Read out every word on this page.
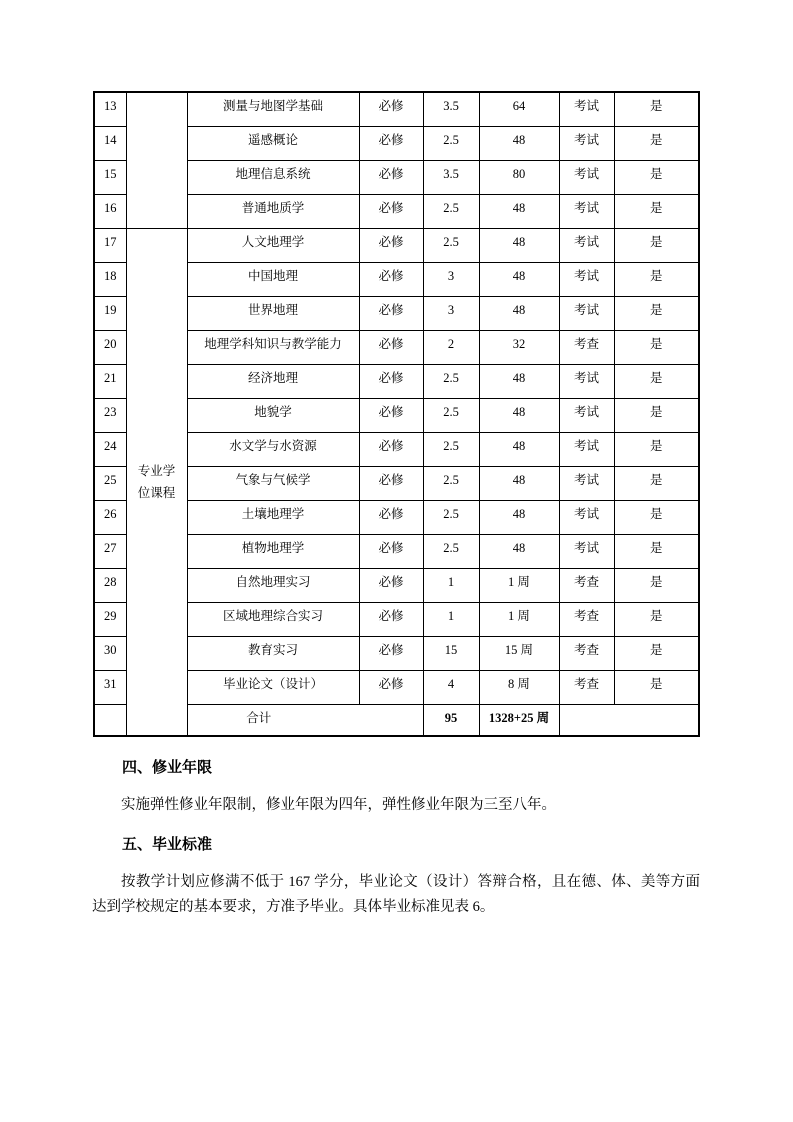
13		测量与地图学基础	必修	3.5	64	考试	是
14		遥感概论	必修	2.5	48	考试	是
15		地理信息系统	必修	3.5	80	考试	是
16		普通地质学	必修	2.5	48	考试	是
17	专业学位课程	人文地理学	必修	2.5	48	考试	是
18		中国地理	必修	3	48	考试	是
19		世界地理	必修	3	48	考试	是
20		地理学科知识与教学能力	必修	2	32	考查	是
21		经济地理	必修	2.5	48	考试	是
23		地貌学	必修	2.5	48	考试	是
24		水文学与水资源	必修	2.5	48	考试	是
25		气象与气候学	必修	2.5	48	考试	是
26		土壤地理学	必修	2.5	48	考试	是
27		植物地理学	必修	2.5	48	考试	是
28		自然地理实习	必修	1	1 周	考查	是
29		区域地理综合实习	必修	1	1 周	考查	是
30		教育实习	必修	15	15 周	考查	是
31		毕业论文（设计）	必修	4	8 周	考查	是
合计				95	1328+25 周		
四、修业年限

实施弹性修业年限制，修业年限为四年，弹性修业年限为三至八年。

五、毕业标准

按教学计划应修满不低于 167 学分，毕业论文（设计）答辩合格，且在德、体、美等方面达到学校规定的基本要求，方准予毕业。具体毕业标准见表 6。
